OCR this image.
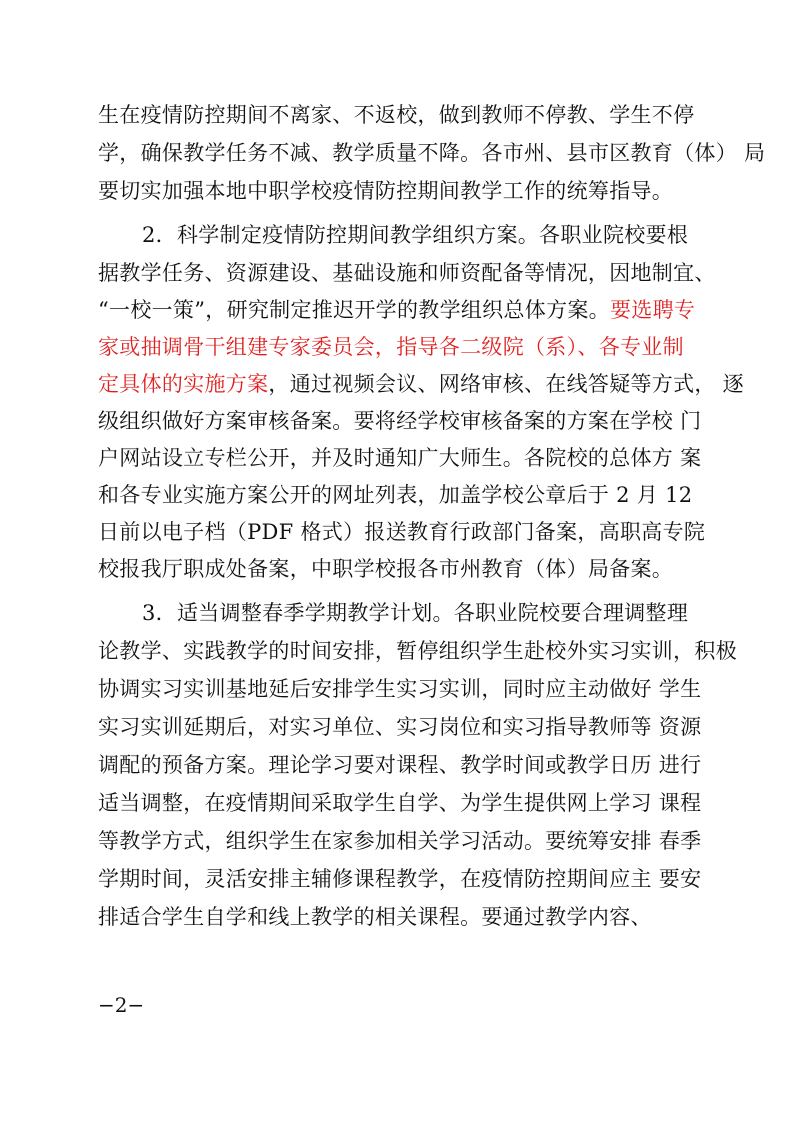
生在疫情防控期间不离家、不返校，做到教师不停教、学生不停
学，确保教学任务不减、教学质量不降。各市州、县市区教育（体） 局
要切实加强本地中职学校疫情防控期间教学工作的统筹指导。
2．科学制定疫情防控期间教学组织方案。各职业院校要根
据教学任务、资源建设、基础设施和师资配备等情况，因地制宜、
“一校一策”，研究制定推迟开学的教学组织总体方案。要选聘专
家或抽调骨干组建专家委员会，指导各二级院（系）、各专业制
定具体的实施方案，通过视频会议、网络审核、在线答疑等方式， 逐
级组织做好方案审核备案。要将经学校审核备案的方案在学校 门
户网站设立专栏公开，并及时通知广大师生。各院校的总体方 案
和各专业实施方案公开的网址列表，加盖学校公章后于 2 月 12
日前以电子档（PDF 格式）报送教育行政部门备案，高职高专院
校报我厅职成处备案，中职学校报各市州教育（体）局备案。
3．适当调整春季学期教学计划。各职业院校要合理调整理
论教学、实践教学的时间安排，暂停组织学生赴校外实习实训，积极
协调实习实训基地延后安排学生实习实训，同时应主动做好 学生
实习实训延期后，对实习单位、实习岗位和实习指导教师等 资源
调配的预备方案。理论学习要对课程、教学时间或教学日历 进行
适当调整，在疫情期间采取学生自学、为学生提供网上学习 课程
等教学方式，组织学生在家参加相关学习活动。要统筹安排 春季
学期时间，灵活安排主辅修课程教学，在疫情防控期间应主 要安
排适合学生自学和线上教学的相关课程。要通过教学内容、
−2−
